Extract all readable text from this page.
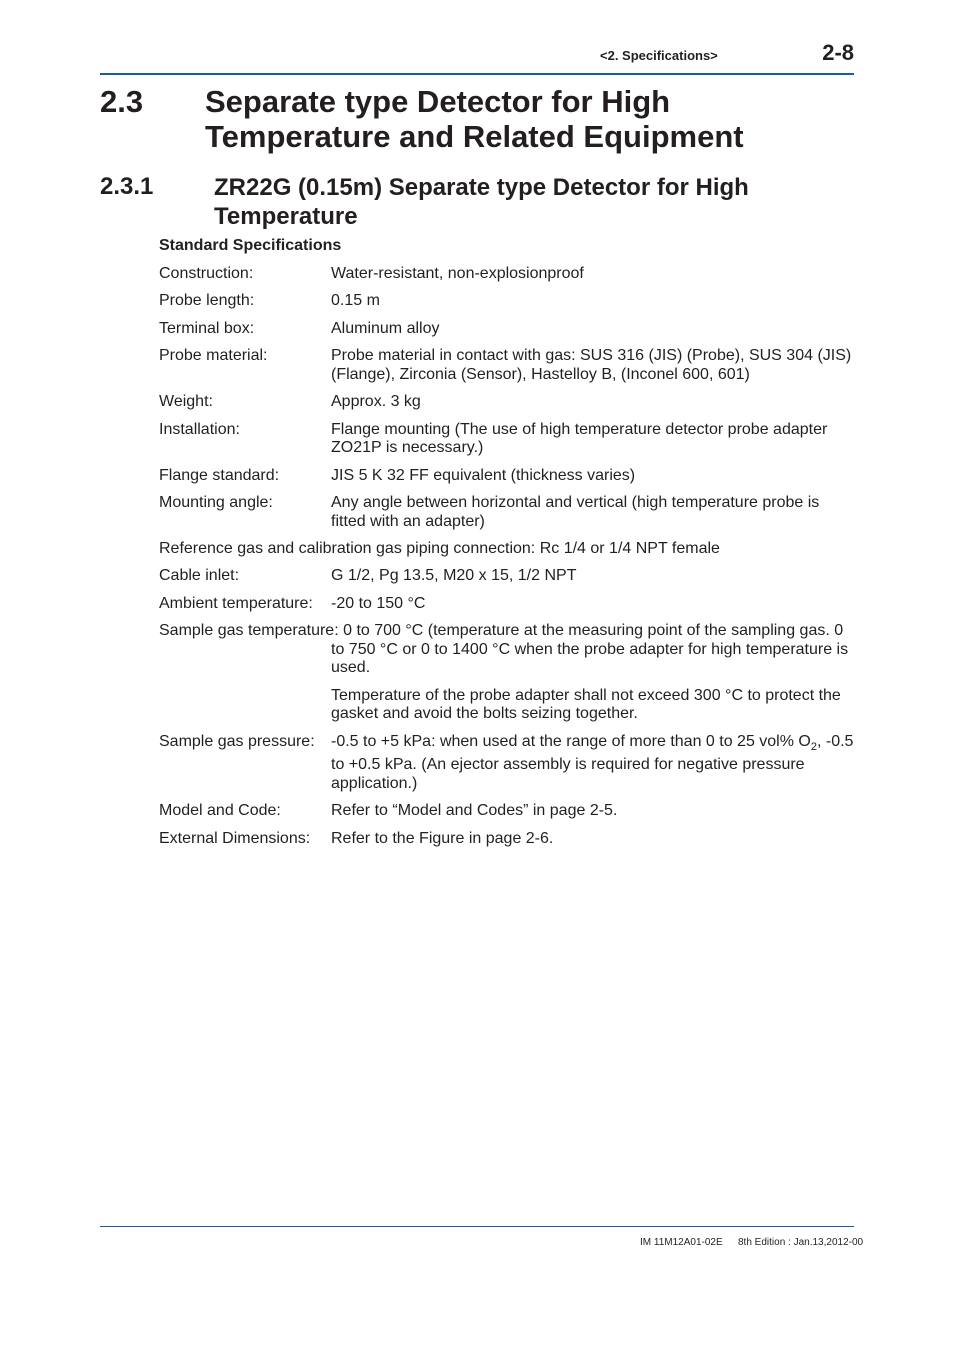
<2. Specifications>	2-8
2.3 Separate type Detector for High Temperature and Related Equipment
2.3.1	ZR22G (0.15m) Separate type Detector for High Temperature
Standard Specifications
Construction:	Water-resistant, non-explosionproof
Probe length:	0.15 m
Terminal box:	Aluminum alloy
Probe material:	Probe material in contact with gas: SUS 316 (JIS) (Probe), SUS 304 (JIS) (Flange), Zirconia (Sensor), Hastelloy B, (Inconel 600, 601)
Weight:	Approx. 3 kg
Installation:	Flange mounting (The use of high temperature detector probe adapter ZO21P is necessary.)
Flange standard:	JIS 5 K 32 FF equivalent (thickness varies)
Mounting angle:	Any angle between horizontal and vertical (high temperature probe is fitted with an adapter)
Reference gas and calibration gas piping connection: Rc 1/4 or 1/4 NPT female
Cable inlet:	G 1/2, Pg 13.5, M20 x 15, 1/2 NPT
Ambient temperature:	-20 to 150 °C
Sample gas temperature: 0 to 700 °C (temperature at the measuring point of the sampling gas. 0 to 750 °C or 0 to 1400 °C when the probe adapter for high temperature is used.
Temperature of the probe adapter shall not exceed 300 °C to protect the gasket and avoid the bolts seizing together.
Sample gas pressure:	-0.5 to +5 kPa: when used at the range of more than 0 to 25 vol% $O_2$, -0.5 to +0.5 kPa. (An ejector assembly is required for negative pressure application.)
Model and Code:	Refer to “Model and Codes” in page 2-5.
External Dimensions:	Refer to the Figure in page 2-6.
IM 11M12A01-02E 8th Edition : Jan.13,2012-00
